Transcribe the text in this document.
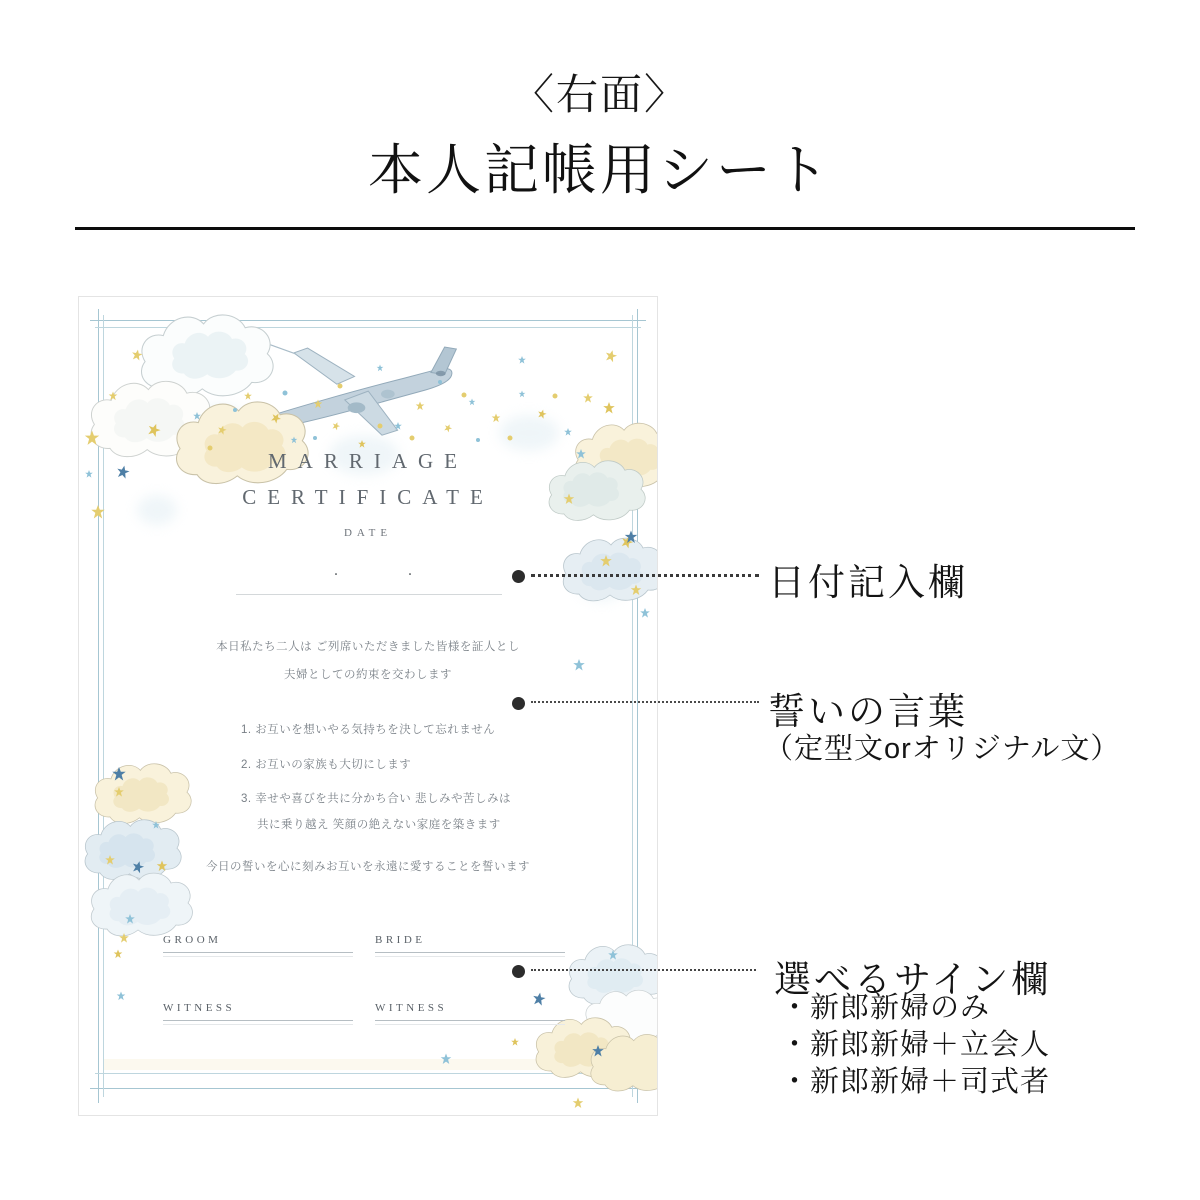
〈右面〉
本人記帳用シート
MARRIAGE
CERTIFICATE
DATE
・	・
本日私たち二人は ご列席いただきました皆様を証人とし
夫婦としての約束を交わします
1. お互いを想いやる気持ちを決して忘れません
2. お互いの家族も大切にします
3. 幸せや喜びを共に分かち合い 悲しみや苦しみは
共に乗り越え 笑顔の絶えない家庭を築きます
今日の誓いを心に刻みお互いを永遠に愛することを誓います
GROOM	BRIDE
WITNESS	WITNESS
日付記入欄
誓いの言葉
（定型文orオリジナル文）
選べるサイン欄
・新郎新婦のみ
・新郎新婦＋立会人
・新郎新婦＋司式者
